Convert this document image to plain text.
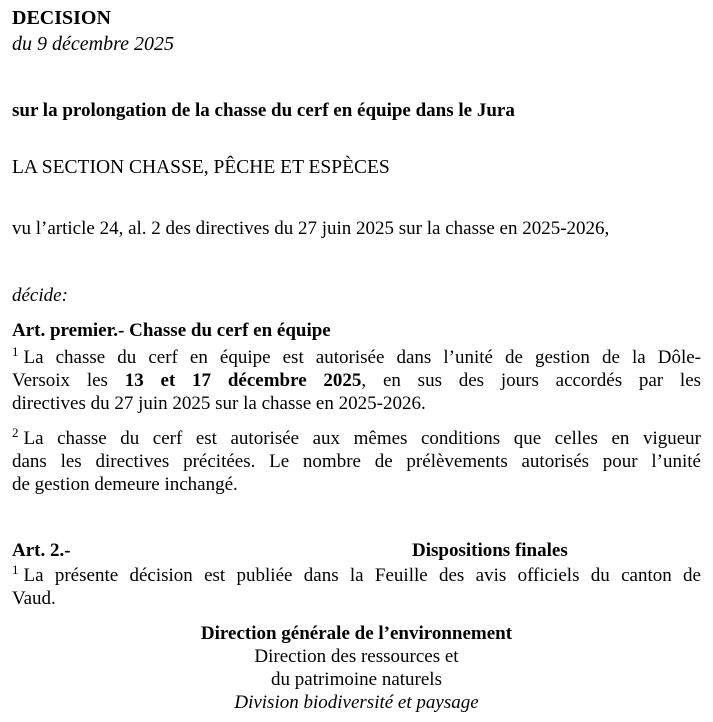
DECISION
du 9 décembre 2025
sur la prolongation de la chasse du cerf en équipe dans le Jura
LA SECTION CHASSE, PÊCHE ET ESPÈCES
vu l’article 24, al. 2 des directives du 27 juin 2025 sur la chasse en 2025-2026,
décide:
Art. premier.- Chasse du cerf en équipe
$^1$ La chasse du cerf en équipe est autorisée dans l’unité de gestion de la Dôle-
Versoix les 13 et 17 décembre 2025, en sus des jours accordés par les
directives du 27 juin 2025 sur la chasse en 2025-2026.
$^2$ La chasse du cerf est autorisée aux mêmes conditions que celles en vigueur
dans les directives précitées. Le nombre de prélèvements autorisés pour l’unité
de gestion demeure inchangé.
Art. 2.-	Dispositions finales
$^1$ La présente décision est publiée dans la Feuille des avis officiels du canton de
Vaud.
Direction générale de l’environnement
Direction des ressources et
du patrimoine naturels
Division biodiversité et paysage
